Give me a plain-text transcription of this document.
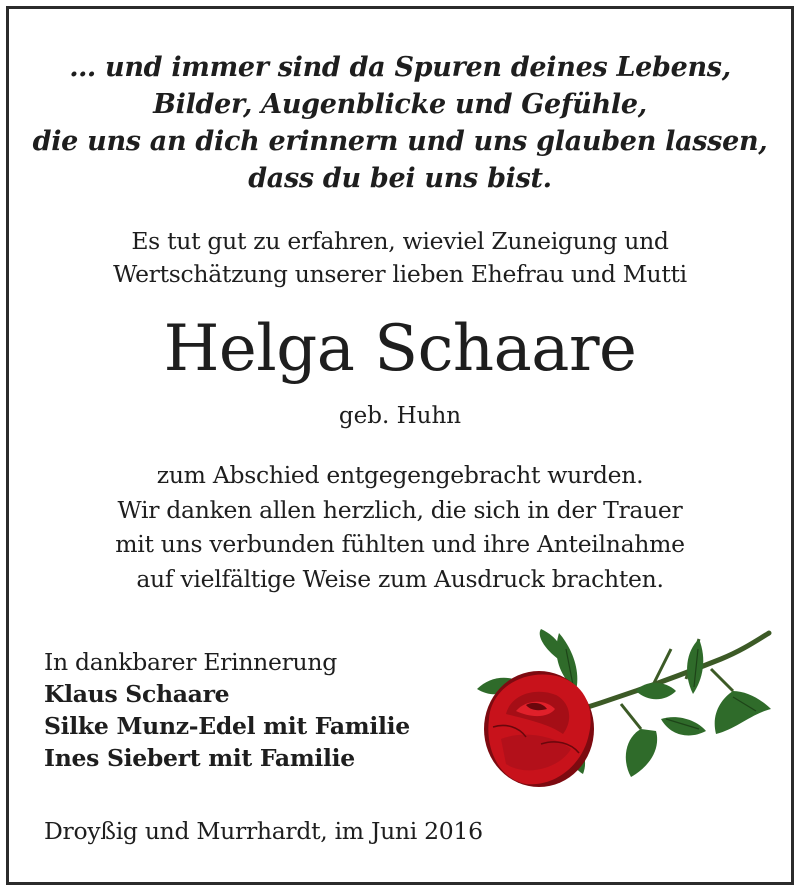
… und immer sind da Spuren deines Lebens,
Bilder, Augenblicke und Gefühle,
die uns an dich erinnern und uns glauben lassen,
dass du bei uns bist.
Es tut gut zu erfahren, wieviel Zuneigung und
Wertschätzung unserer lieben Ehefrau und Mutti
Helga Schaare
geb. Huhn
zum Abschied entgegengebracht wurden.
Wir danken allen herzlich, die sich in der Trauer
mit uns verbunden fühlten und ihre Anteilnahme
auf vielfältige Weise zum Ausdruck brachten.
In dankbarer Erinnerung
Klaus Schaare
Silke Munz-Edel mit Familie
Ines Siebert mit Familie
Droyßig und Murrhardt, im Juni 2016
